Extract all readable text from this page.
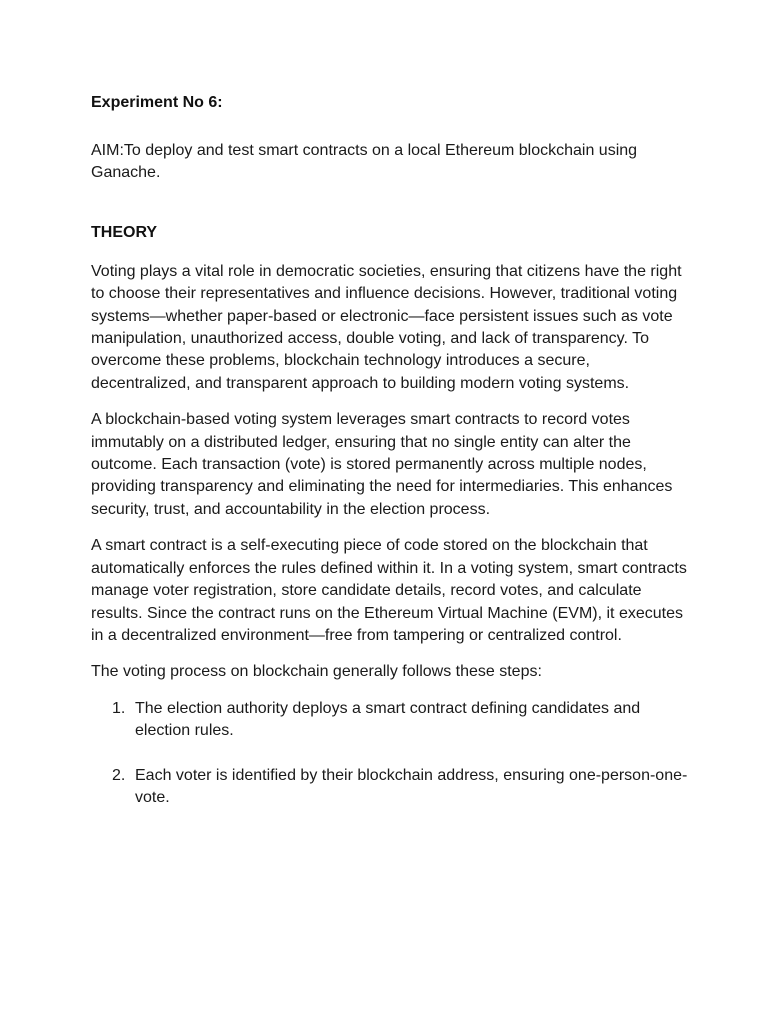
Experiment No 6:

AIM:To deploy and test smart contracts on a local Ethereum blockchain using Ganache.

THEORY

Voting plays a vital role in democratic societies, ensuring that citizens have the right to choose their representatives and influence decisions. However, traditional voting systems—whether paper-based or electronic—face persistent issues such as vote manipulation, unauthorized access, double voting, and lack of transparency. To overcome these problems, blockchain technology introduces a secure, decentralized, and transparent approach to building modern voting systems.

A blockchain-based voting system leverages smart contracts to record votes immutably on a distributed ledger, ensuring that no single entity can alter the outcome. Each transaction (vote) is stored permanently across multiple nodes, providing transparency and eliminating the need for intermediaries. This enhances security, trust, and accountability in the election process.

A smart contract is a self-executing piece of code stored on the blockchain that automatically enforces the rules defined within it. In a voting system, smart contracts manage voter registration, store candidate details, record votes, and calculate results. Since the contract runs on the Ethereum Virtual Machine (EVM), it executes in a decentralized environment—free from tampering or centralized control.

The voting process on blockchain generally follows these steps:

1. The election authority deploys a smart contract defining candidates and election rules.
2. Each voter is identified by their blockchain address, ensuring one-person-one-vote.
